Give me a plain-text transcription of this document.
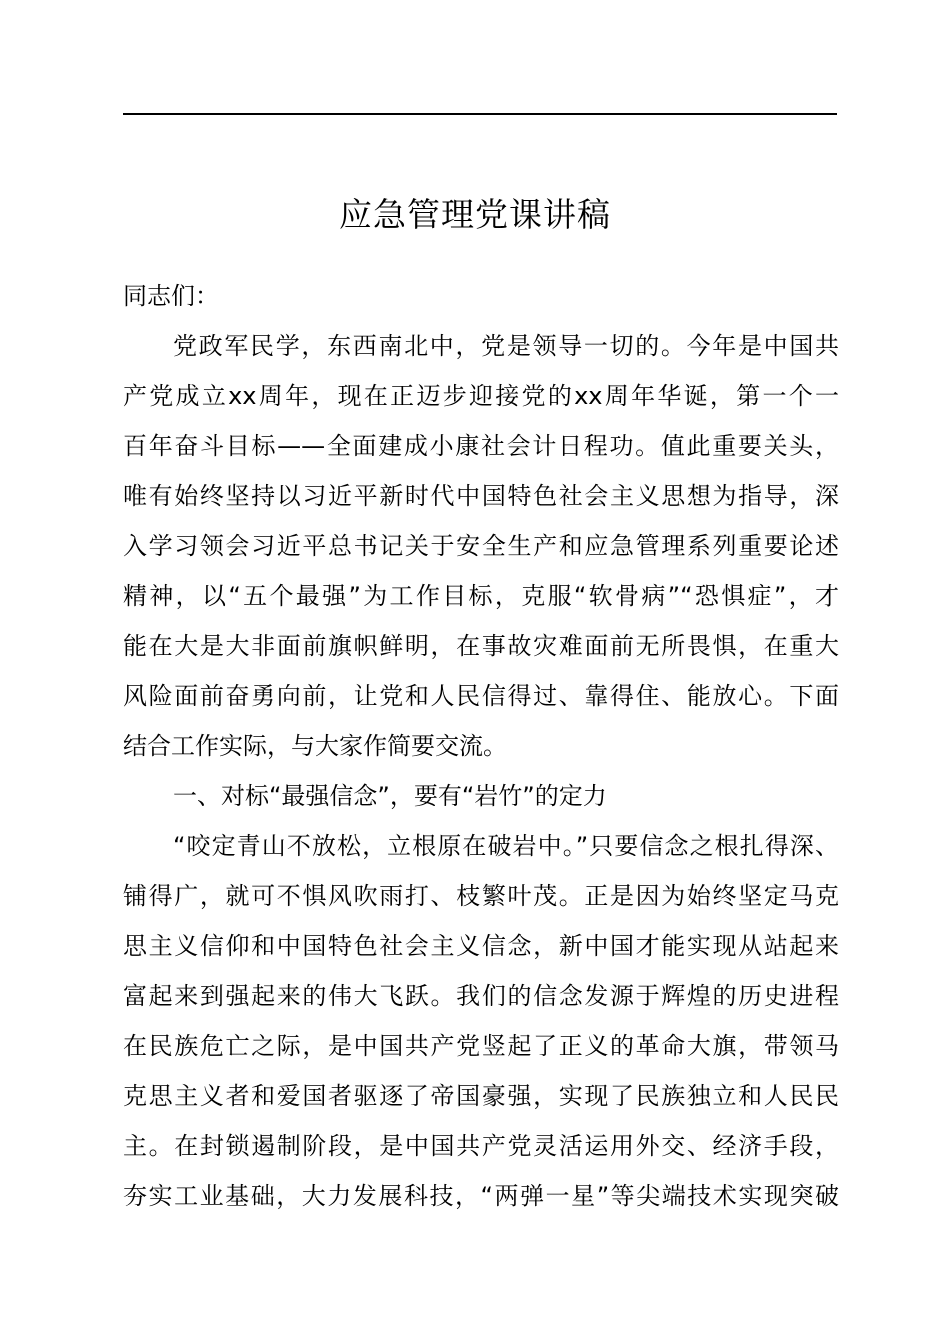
应急管理党课讲稿
同志们：
党政军民学，东西南北中，党是领导一切的。今年是中国共
产党成立xx周年，现在正迈步迎接党的xx周年华诞，第一个一
百年奋斗目标——全面建成小康社会计日程功。值此重要关头，
唯有始终坚持以习近平新时代中国特色社会主义思想为指导，深
入学习领会习近平总书记关于安全生产和应急管理系列重要论述
精神，以“五个最强”为工作目标，克服“软骨病”“恐惧症”，才
能在大是大非面前旗帜鲜明，在事故灾难面前无所畏惧，在重大
风险面前奋勇向前，让党和人民信得过、靠得住、能放心。下面
结合工作实际，与大家作简要交流。
一、对标“最强信念”，要有“岩竹”的定力
“咬定青山不放松，立根原在破岩中。”只要信念之根扎得深、
铺得广，就可不惧风吹雨打、枝繁叶茂。正是因为始终坚定马克
思主义信仰和中国特色社会主义信念，新中国才能实现从站起来
富起来到强起来的伟大飞跃。我们的信念发源于辉煌的历史进程
在民族危亡之际，是中国共产党竖起了正义的革命大旗，带领马
克思主义者和爱国者驱逐了帝国豪强，实现了民族独立和人民民
主。在封锁遏制阶段，是中国共产党灵活运用外交、经济手段，
夯实工业基础，大力发展科技，“两弹一星”等尖端技术实现突破
